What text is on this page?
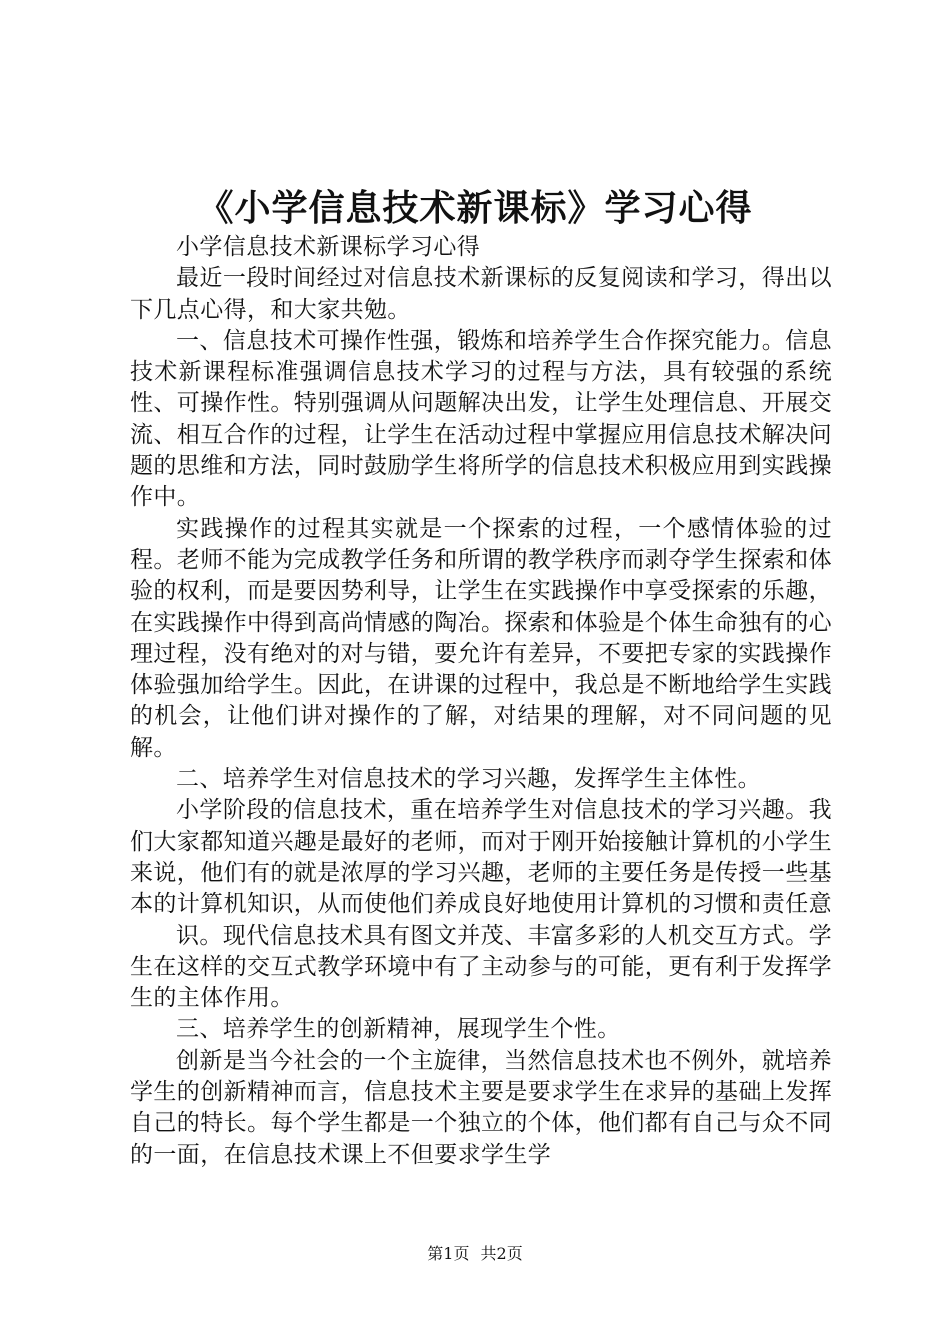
《小学信息技术新课标》学习心得

小学信息技术新课标学习心得

最近一段时间经过对信息技术新课标的反复阅读和学习，得出以下几点心得，和大家共勉。

一、信息技术可操作性强，锻炼和培养学生合作探究能力。信息技术新课程标准强调信息技术学习的过程与方法，具有较强的系统性、可操作性。特别强调从问题解决出发，让学生处理信息、开展交流、相互合作的过程，让学生在活动过程中掌握应用信息技术解决问题的思维和方法，同时鼓励学生将所学的信息技术积极应用到实践操作中。

实践操作的过程其实就是一个探索的过程，一个感情体验的过程。老师不能为完成教学任务和所谓的教学秩序而剥夺学生探索和体验的权利，而是要因势利导，让学生在实践操作中享受探索的乐趣，在实践操作中得到高尚情感的陶冶。探索和体验是个体生命独有的心理过程，没有绝对的对与错，要允许有差异，不要把专家的实践操作体验强加给学生。因此，在讲课的过程中，我总是不断地给学生实践的机会，让他们讲对操作的了解，对结果的理解，对不同问题的见解。

二、培养学生对信息技术的学习兴趣，发挥学生主体性。

小学阶段的信息技术，重在培养学生对信息技术的学习兴趣。我们大家都知道兴趣是最好的老师，而对于刚开始接触计算机的小学生来说，他们有的就是浓厚的学习兴趣，老师的主要任务是传授一些基本的计算机知识，从而使他们养成良好地使用计算机的习惯和责任意

识。现代信息技术具有图文并茂、丰富多彩的人机交互方式。学生在这样的交互式教学环境中有了主动参与的可能，更有利于发挥学生的主体作用。

三、培养学生的创新精神，展现学生个性。

创新是当今社会的一个主旋律，当然信息技术也不例外，就培养学生的创新精神而言，信息技术主要是要求学生在求异的基础上发挥自己的特长。每个学生都是一个独立的个体，他们都有自己与众不同的一面，在信息技术课上不但要求学生学

第1页 共2页
